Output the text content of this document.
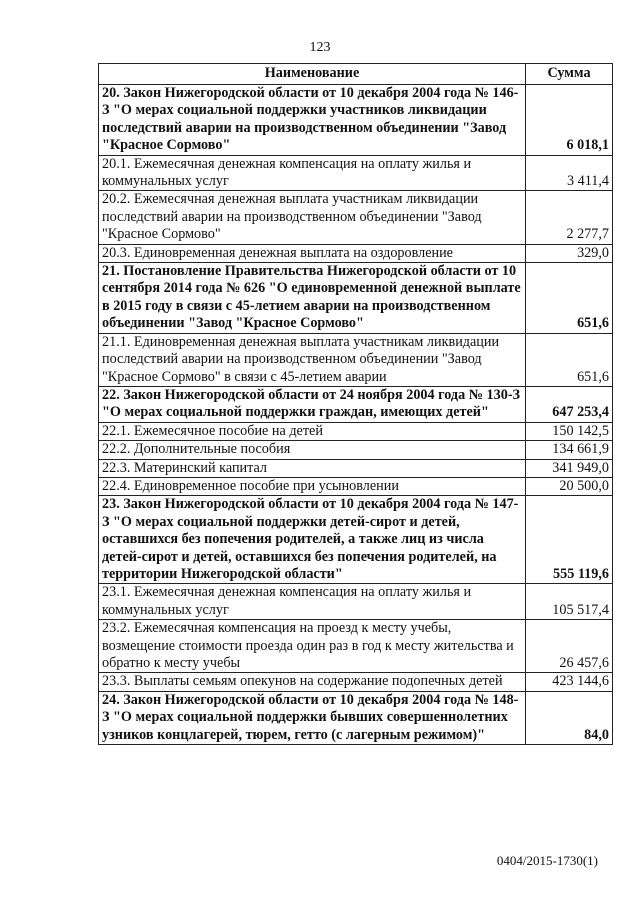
123
Наименование	Сумма
20. Закон Нижегородской области от 10 декабря 2004 года № 146-З "О мерах социальной поддержки участников ликвидации последствий аварии на производственном объединении "Завод "Красное Сормово"	6 018,1
20.1. Ежемесячная денежная компенсация на оплату жилья и коммунальных услуг	3 411,4
20.2. Ежемесячная денежная выплата участникам ликвидации последствий аварии на производственном объединении "Завод "Красное Сормово"	2 277,7
20.3. Единовременная денежная выплата на оздоровление	329,0
21. Постановление Правительства Нижегородской области от 10 сентября 2014 года № 626 "О единовременной денежной выплате в 2015 году в связи с 45-летием аварии на производственном объединении "Завод "Красное Сормово"	651,6
21.1. Единовременная денежная выплата участникам ликвидации последствий аварии на производственном объединении "Завод "Красное Сормово" в связи с 45-летием аварии	651,6
22. Закон Нижегородской области от 24 ноября 2004 года № 130-З "О мерах социальной поддержки граждан, имеющих детей"	647 253,4
22.1. Ежемесячное пособие на детей	150 142,5
22.2. Дополнительные пособия	134 661,9
22.3. Материнский капитал	341 949,0
22.4. Единовременное пособие при усыновлении	20 500,0
23. Закон Нижегородской области от 10 декабря 2004 года № 147-З "О мерах социальной поддержки детей-сирот и детей, оставшихся без попечения родителей, а также лиц из числа детей-сирот и детей, оставшихся без попечения родителей, на территории Нижегородской области"	555 119,6
23.1. Ежемесячная денежная компенсация на оплату жилья и коммунальных услуг	105 517,4
23.2. Ежемесячная компенсация на проезд к месту учебы, возмещение стоимости проезда один раз в год к месту жительства и обратно к месту учебы	26 457,6
23.3. Выплаты семьям опекунов на содержание подопечных детей	423 144,6
24. Закон Нижегородской области от 10 декабря 2004 года № 148-З "О мерах социальной поддержки бывших совершеннолетних узников концлагерей, тюрем, гетто (с лагерным режимом)"	84,0
0404/2015-1730(1)
